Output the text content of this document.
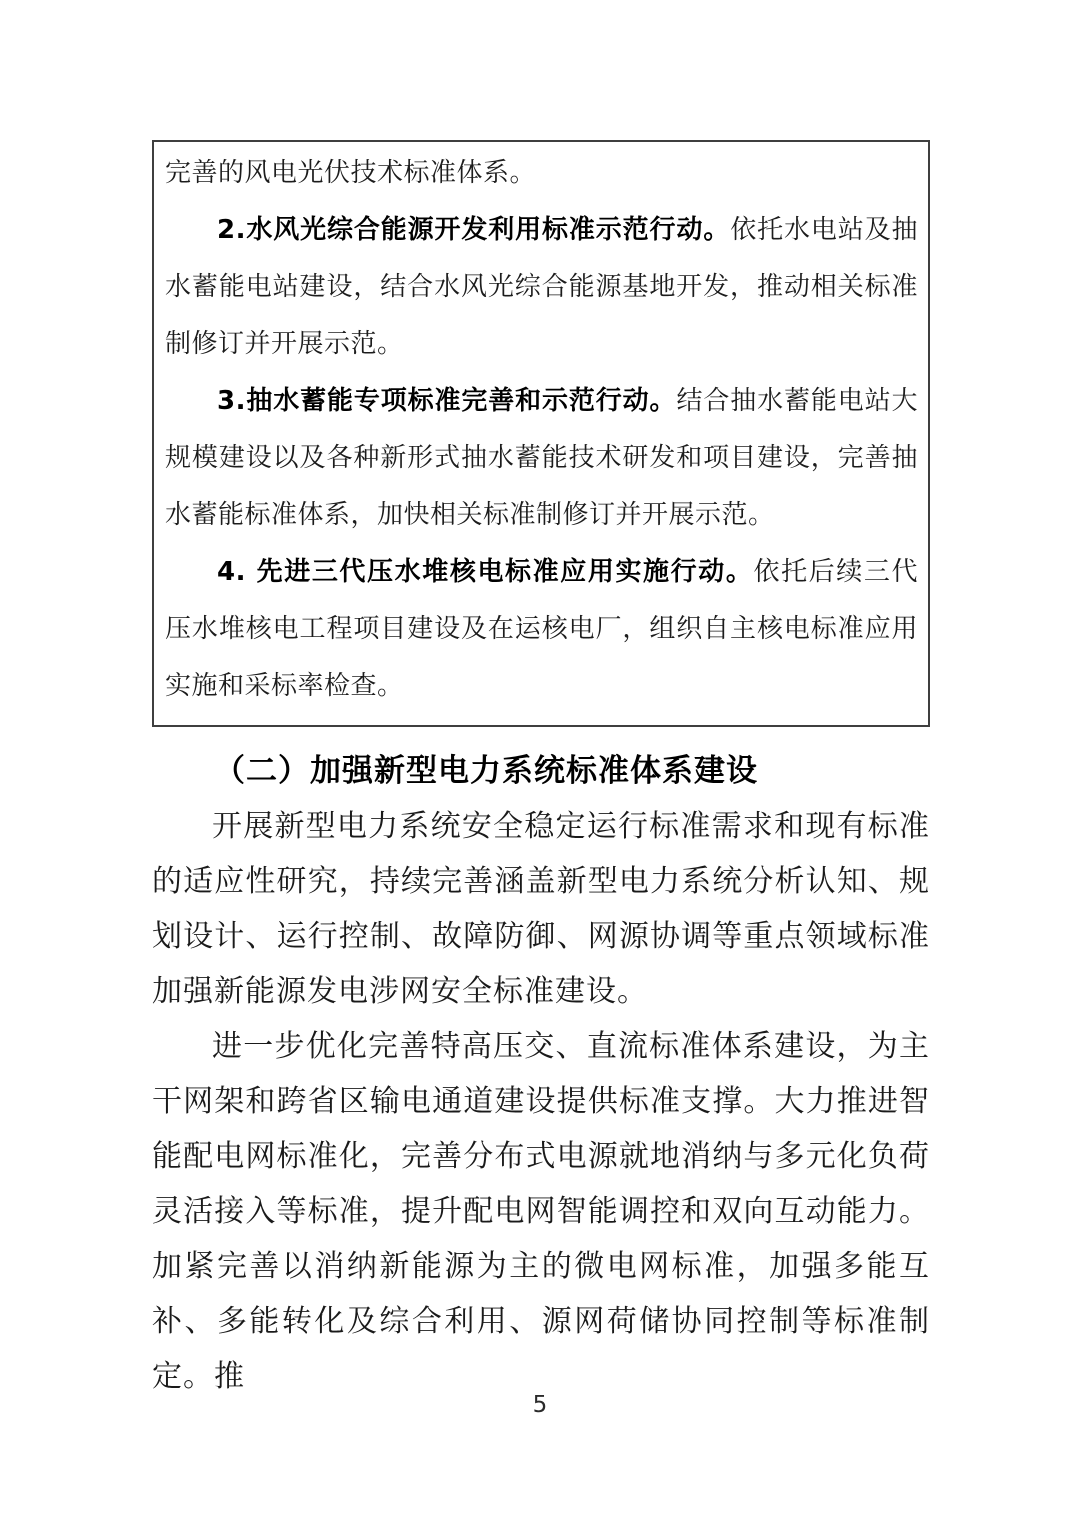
完善的风电光伏技术标准体系。

2.水风光综合能源开发利用标准示范行动。依托水电站及抽水蓄能电站建设，结合水风光综合能源基地开发，推动相关标准制修订并开展示范。

3.抽水蓄能专项标准完善和示范行动。结合抽水蓄能电站大规模建设以及各种新形式抽水蓄能技术研发和项目建设，完善抽水蓄能标准体系，加快相关标准制修订并开展示范。

4. 先进三代压水堆核电标准应用实施行动。依托后续三代压水堆核电工程项目建设及在运核电厂，组织自主核电标准应用实施和采标率检查。

（二）加强新型电力系统标准体系建设

开展新型电力系统安全稳定运行标准需求和现有标准的适应性研究，持续完善涵盖新型电力系统分析认知、规划设计、运行控制、故障防御、网源协调等重点领域标准加强新能源发电涉网安全标准建设。

进一步优化完善特高压交、直流标准体系建设，为主干网架和跨省区输电通道建设提供标准支撑。大力推进智能配电网标准化，完善分布式电源就地消纳与多元化负荷灵活接入等标准，提升配电网智能调控和双向互动能力。加紧完善以消纳新能源为主的微电网标准，加强多能互补、多能转化及综合利用、源网荷储协同控制等标准制定。推

5
